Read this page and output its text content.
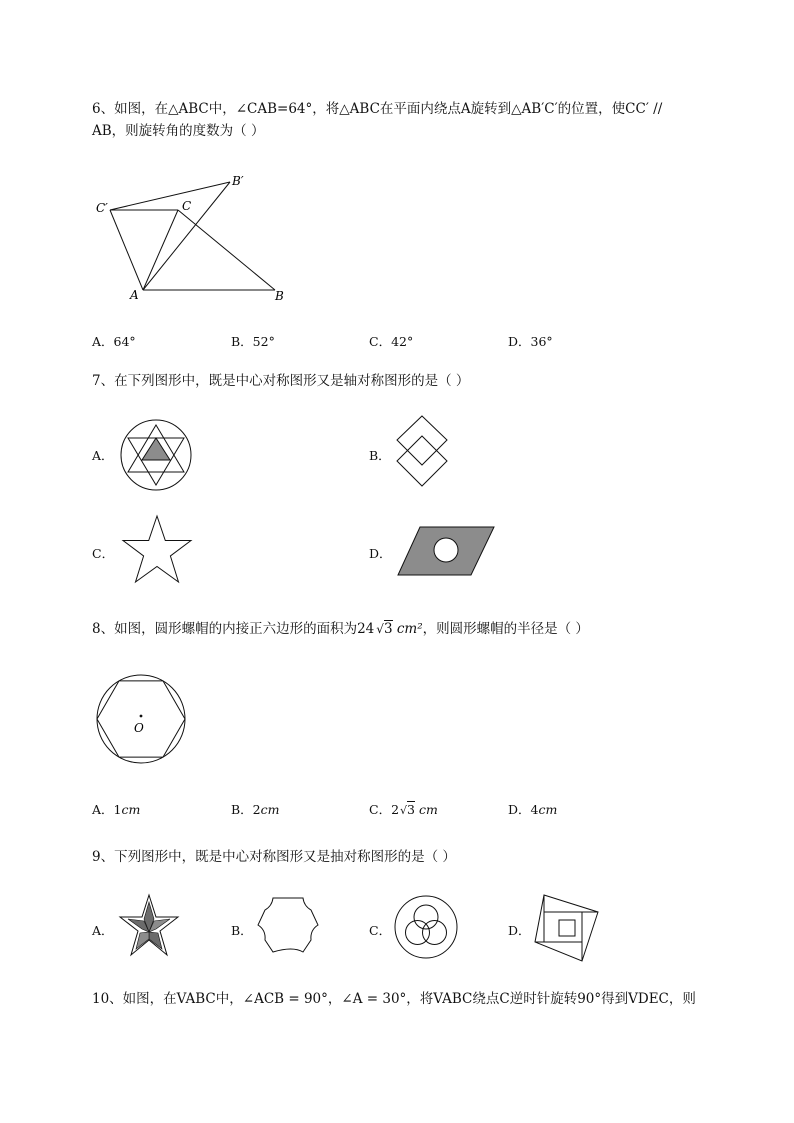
6、如图，在△ABC中，∠CAB=64°，将△ABC在平面内绕点A旋转到△AB′C′的位置，使CC′ //
AB，则旋转角的度数为（ ）
C′	C
B′
A	B
A．64°	B．52°	C．42°	D．36°
7、在下列图形中，既是中心对称图形又是轴对称图形的是（ ）
A．	B．
C．	D．
8、如图，圆形螺帽的内接正六边形的面积为24 √3 cm²，则圆形螺帽的半径是（ ）
O
A．1cm	B．2cm	C．2√3 cm	D．4cm
9、下列图形中，既是中心对称图形又是抽对称图形的是（ ）
A．	B．	C．	D．
10、如图，在VABC中，∠ACB = 90°，∠A = 30°，将VABC绕点C逆时针旋转90°得到VDEC，则
